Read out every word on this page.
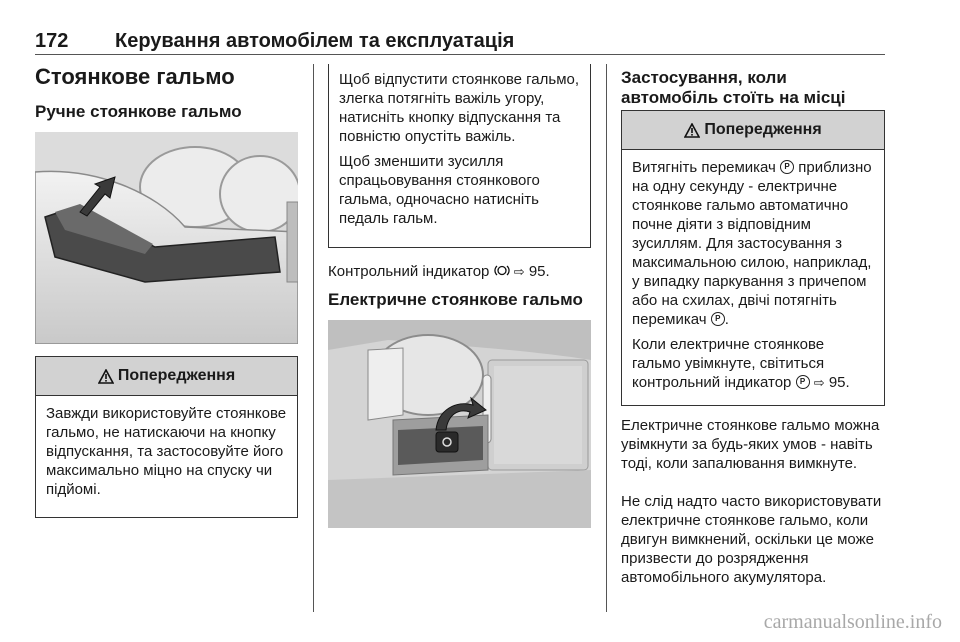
172 Керування автомобілем та експлуатація
Стоянкове гальмо
Ручне стоянкове гальмо
Попередження

Завжди використовуйте стоянкове гальмо, не натискаючи на кнопку відпускання, та застосовуйте його максимально міцно на спуску чи підйомі.

Щоб відпустити стоянкове гальмо, злегка потягніть важіль угору, натисніть кнопку відпускання та повністю опустіть важіль.

Щоб зменшити зусилля спрацьовування стоянкового гальма, одночасно натисніть педаль гальм.

Контрольний індикатор ⇨ 95.

Електричне стоянкове гальмо
Застосування, коли автомобіль стоїть на місці
Попередження

Витягніть перемикач P приблизно на одну секунду - електричне стоянкове гальмо автоматично почне діяти з відповідним зусиллям. Для застосування з максимальною силою, наприклад, у випадку паркування з причепом або на схилах, двічі потягніть перемикач P .

Коли електричне стоянкове гальмо увімкнуте, світиться контрольний індикатор P ⇨ 95.

Електричне стоянкове гальмо можна увімкнути за будь-яких умов - навіть тоді, коли запалювання вимкнуте.

Не слід надто часто використовувати електричне стоянкове гальмо, коли двигун вимкнений, оскільки це може призвести до розрядження автомобільного акумулятора.

carmanualsonline.info
